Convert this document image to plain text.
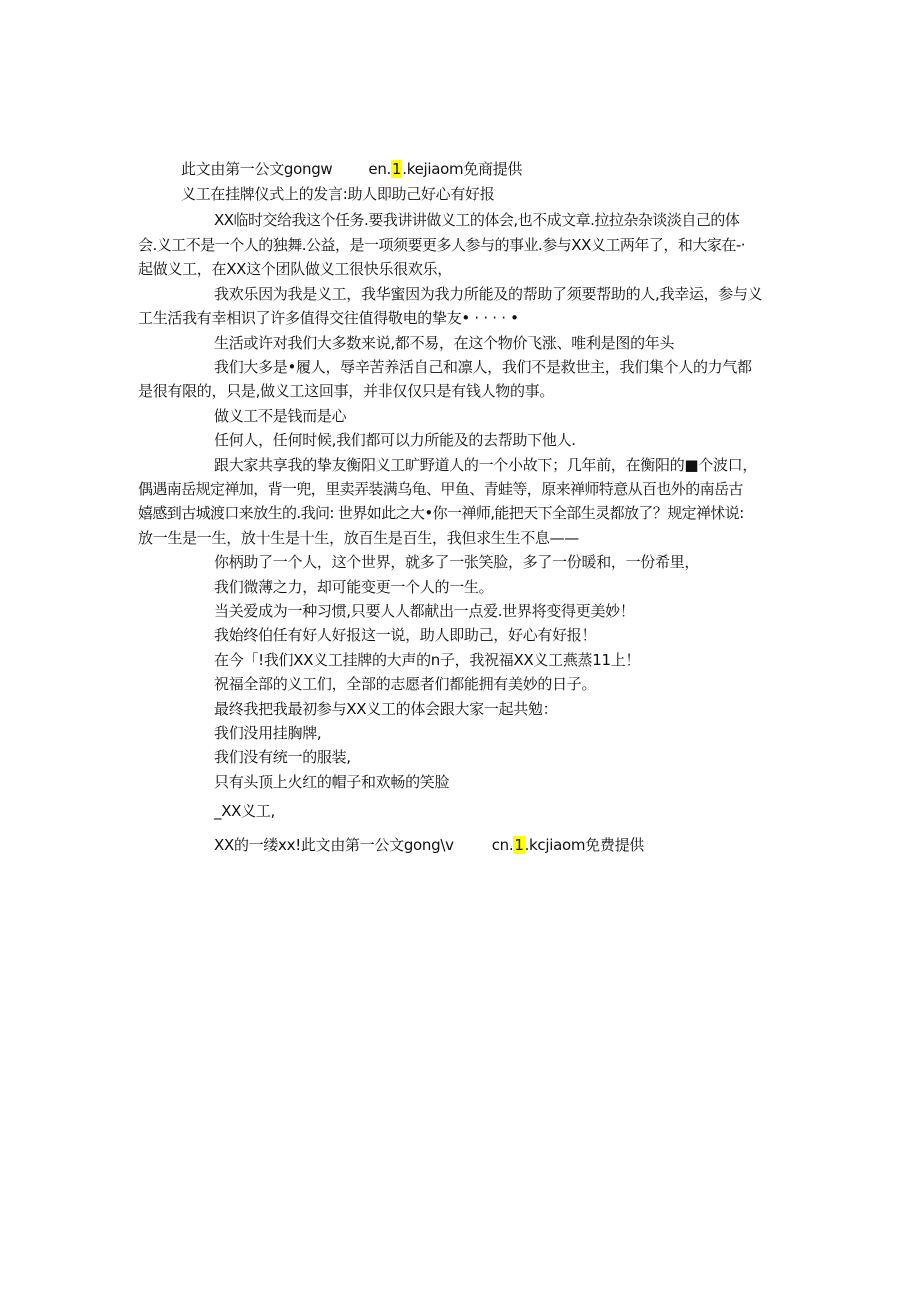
此文由第一公文gongw en.1.kejiaom免商提供
义工在挂牌仪式上的发言:助人即助己好心有好报
XX临时交给我这个任务.要我讲讲做义工的体会,也不成文章.拉拉杂杂谈淡自己的体
会.义工不是一个人的独舞.公益，是一项须要更多人参与的事业.参与XX义工两年了，和大家在-·
起做义工，在XX这个团队做义工很快乐很欢乐，
我欢乐因为我是义工，我华蜜因为我力所能及的帮助了须要帮助的人,我幸运，参与义
工生活我有幸相识了许多值得交往值得敬电的挚友• · · · · •
生活或许对我们大多数来说,都不易，在这个物价飞涨、唯利是图的年头
我们大多是•履人，辱辛苦养活自己和凛人，我们不是救世主，我们集个人的力气都
是很有限的，只是,做义工这回事，并非仅仅只是有钱人物的事。
做义工不是钱而是心
任何人，任何时候,我们都可以力所能及的去帮助下他人.
跟大家共享我的挚友衡阳义工旷野道人的一个小故下；几年前，在衡阳的■个波口，
偶遇南岳规定禅加，背一兜，里卖弄装满乌龟、甲鱼、青蛙等，原来禅师特意从百也外的南岳古
嬉感到古城渡口来放生的.我问: 世界如此之大•你一禅师,能把天下全部生灵都放了？规定禅怵说:
放一生是一生，放十生是十生，放百生是百生，我但求生生不息——
你柄助了一个人，这个世界，就多了一张笑脸，多了一份暖和，一份希里，
我们微薄之力，却可能变更一个人的一生。
当关爱成为一种习惯,只要人人都献出一点爱.世界将变得更美妙！
我始终伯任有好人好报这一说，助人即助己，好心有好报！
在今「!我们XX义工挂牌的大声的n子，我祝福XX义工燕蒸11上！
祝福全部的义工们，全部的志愿者们都能拥有美妙的日子。
最终我把我最初参与XX义工的体会跟大家一起共勉：
我们没用挂胸牌,
我们没有统一的服装,
只有头顶上火红的帽子和欢畅的笑脸
_XX义工,
XX的一缕xx!此文由第一公文gong\v	cn.1.kcjiaom免费提供
